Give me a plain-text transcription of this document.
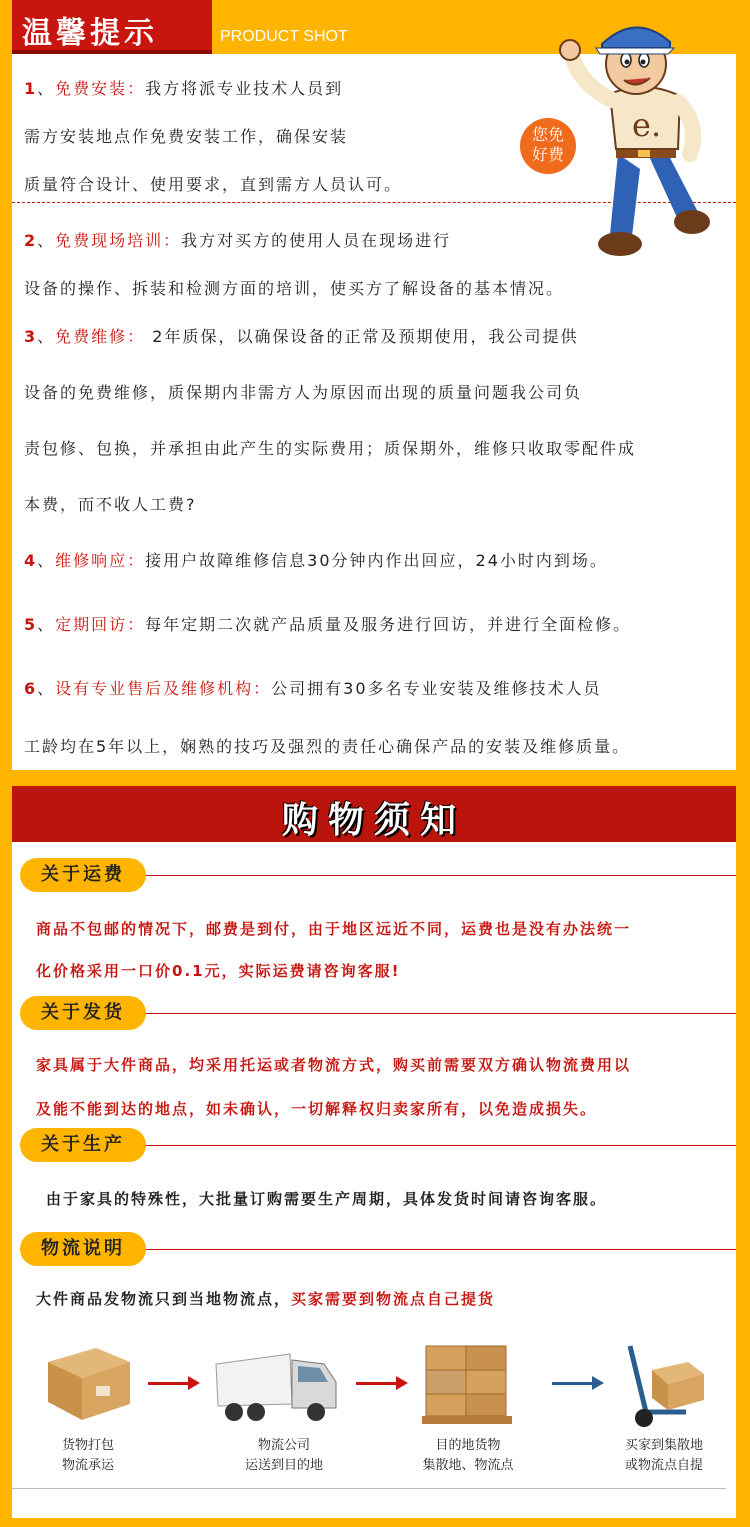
温馨提示	PRODUCT SHOT
1、免费安装：我方将派专业技术人员到
需方安装地点作免费安装工作，确保安装
质量符合设计、使用要求，直到需方人员认可。
2、免费现场培训：我方对买方的使用人员在现场进行
设备的操作、拆装和检测方面的培训，使买方了解设备的基本情况。
3、免费维修： 2年质保，以确保设备的正常及预期使用，我公司提供
设备的免费维修，质保期内非需方人为原因而出现的质量问题我公司负
责包修、包换，并承担由此产生的实际费用；质保期外，维修只收取零配件成
本费，而不收人工费?
4、维修响应：接用户故障维修信息30分钟内作出回应，24小时内到场。
5、定期回访：每年定期二次就产品质量及服务进行回访，并进行全面检修。
6、设有专业售后及维修机构：公司拥有30多名专业安装及维修技术人员
工龄均在5年以上，娴熟的技巧及强烈的责任心确保产品的安装及维修质量。
e.
您免
好费
购物须知
关于运费
商品不包邮的情况下，邮费是到付，由于地区远近不同，运费也是没有办法统一
化价格采用一口价0.1元，实际运费请咨询客服!
关于发货
家具属于大件商品，均采用托运或者物流方式，购买前需要双方确认物流费用以
及能不能到达的地点，如未确认，一切解释权归卖家所有，以免造成损失。
关于生产
由于家具的特殊性，大批量订购需要生产周期，具体发货时间请咨询客服。
物流说明
大件商品发物流只到当地物流点，买家需要到物流点自己提货
货物打包
物流承运
物流公司
运送到目的地
目的地货物
集散地、物流点
买家到集散地
或物流点自提
